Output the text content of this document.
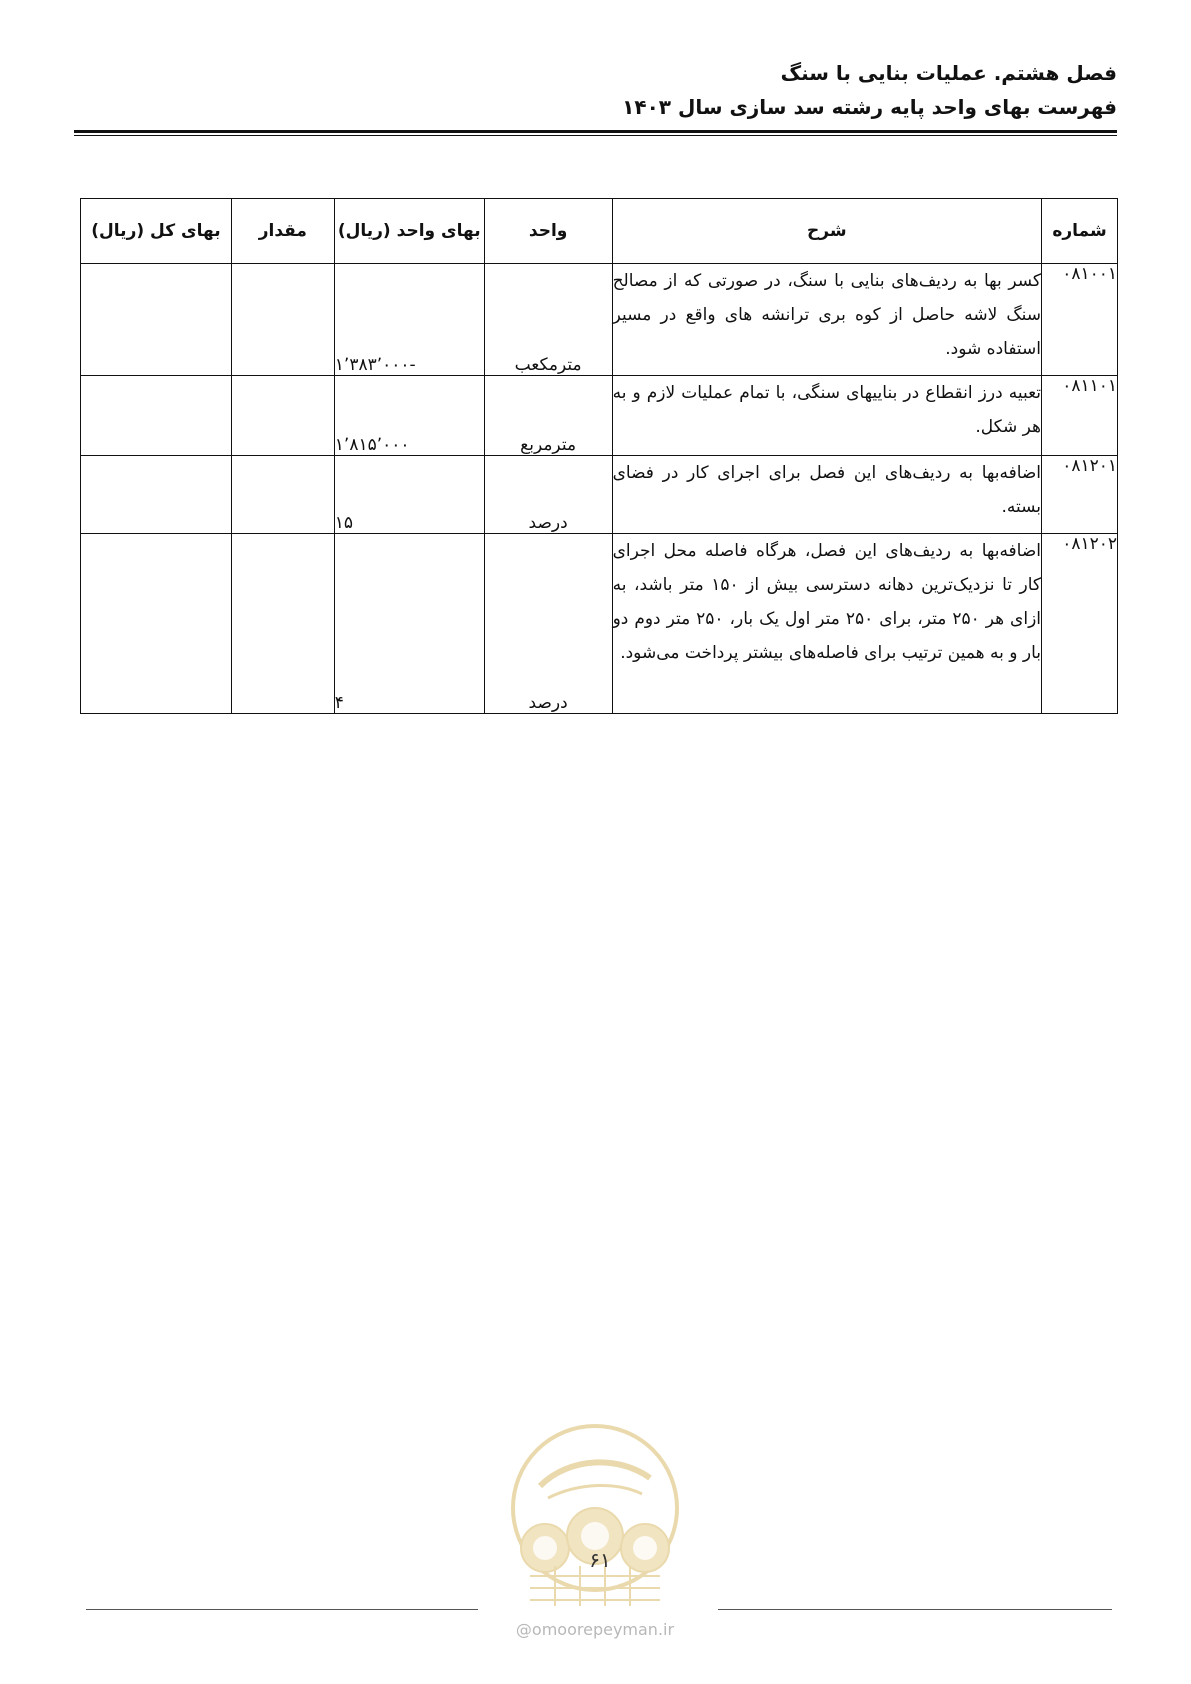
فصل هشتم. عملیات بنایی با سنگ
فهرست بهای واحد پایه رشته سد سازی سال ۱۴۰۳
شماره	شرح	واحد	بهای واحد (ریال)	مقدار	بهای کل (ریال)
۰۸۱۰۰۱	کسر بها به ردیف‌های بنایی با سنگ، در صورتی که از مصالح سنگ لاشه حاصل از کوه بری ترانشه های واقع در مسیر استفاده شود.	مترمکعب	-۱٬۳۸۳٬۰۰۰		
۰۸۱۱۰۱	تعبیه درز انقطاع در بناییهای سنگی، با تمام عملیات لازم و به هر شکل.	مترمربع	۱٬۸۱۵٬۰۰۰		
۰۸۱۲۰۱	اضافه‌بها به ردیف‌های این فصل برای اجرای کار در فضای بسته.	درصد	۱۵		
۰۸۱۲۰۲	اضافه‌بها به ردیف‌های این فصل، هرگاه فاصله محل اجرای کار تا نزدیک‌ترین دهانه دسترسی بیش از ۱۵۰ متر باشد، به ازای هر ۲۵۰ متر، برای ۲۵۰ متر اول یک بار، ۲۵۰ متر دوم دو بار و به همین ترتیب برای فاصله‌های بیشتر پرداخت می‌شود.	درصد	۴		
۶۱
@omoorepeyman.ir
